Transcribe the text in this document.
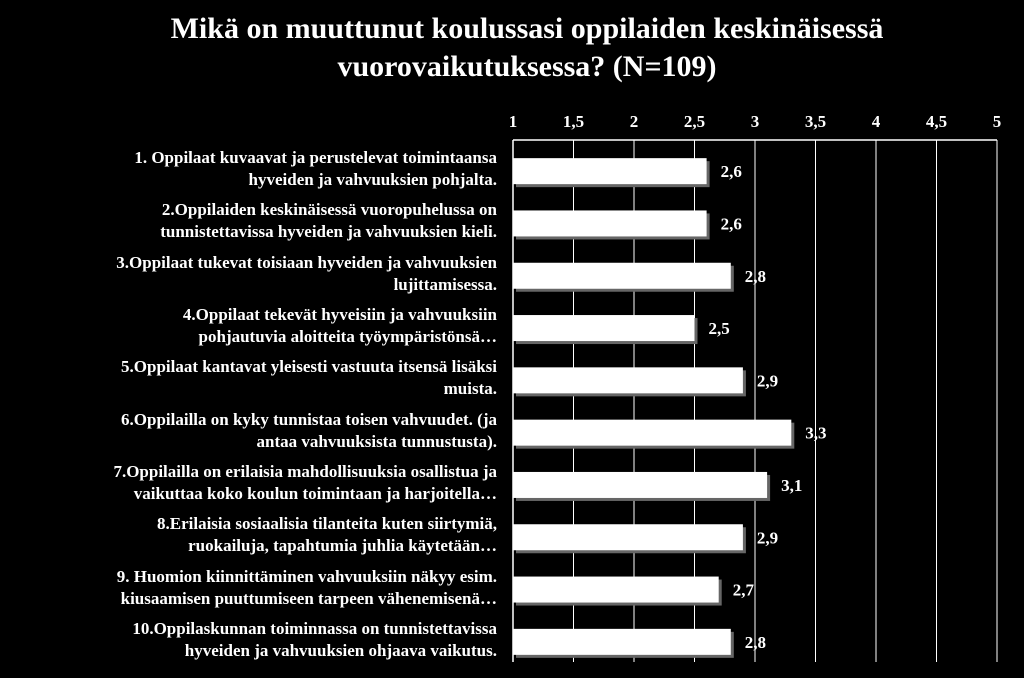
1	1,5	2	2,5	3	3,5	4	4,5	5
2,6
2,6
2,8
2,5
2,9
3,3
3,1
2,9
2,7
2,8
Mikä on muuttunut koulussasi oppilaiden keskinäisessä
vuorovaikutuksessa? (N=109)
1. Oppilaat kuvaavat ja perustelevat toimintaansa
hyveiden ja vahvuuksien pohjalta.
2.Oppilaiden keskinäisessä vuoropuhelussa on
tunnistettavissa hyveiden ja vahvuuksien kieli.
3.Oppilaat tukevat toisiaan hyveiden ja vahvuuksien
lujittamisessa.
4.Oppilaat tekevät hyveisiin ja vahvuuksiin
pohjautuvia aloitteita työympäristönsä…
5.Oppilaat kantavat yleisesti vastuuta itsensä lisäksi
muista.
6.Oppilailla on kyky tunnistaa toisen vahvuudet. (ja
antaa vahvuuksista tunnustusta).
7.Oppilailla on erilaisia mahdollisuuksia osallistua ja
vaikuttaa koko koulun toimintaan ja harjoitella…
8.Erilaisia sosiaalisia tilanteita kuten siirtymiä,
ruokailuja, tapahtumia juhlia käytetään…
9. Huomion kiinnittäminen vahvuuksiin näkyy esim.
kiusaamisen puuttumiseen tarpeen vähenemisenä…
10.Oppilaskunnan toiminnassa on tunnistettavissa
hyveiden ja vahvuuksien ohjaava vaikutus.
